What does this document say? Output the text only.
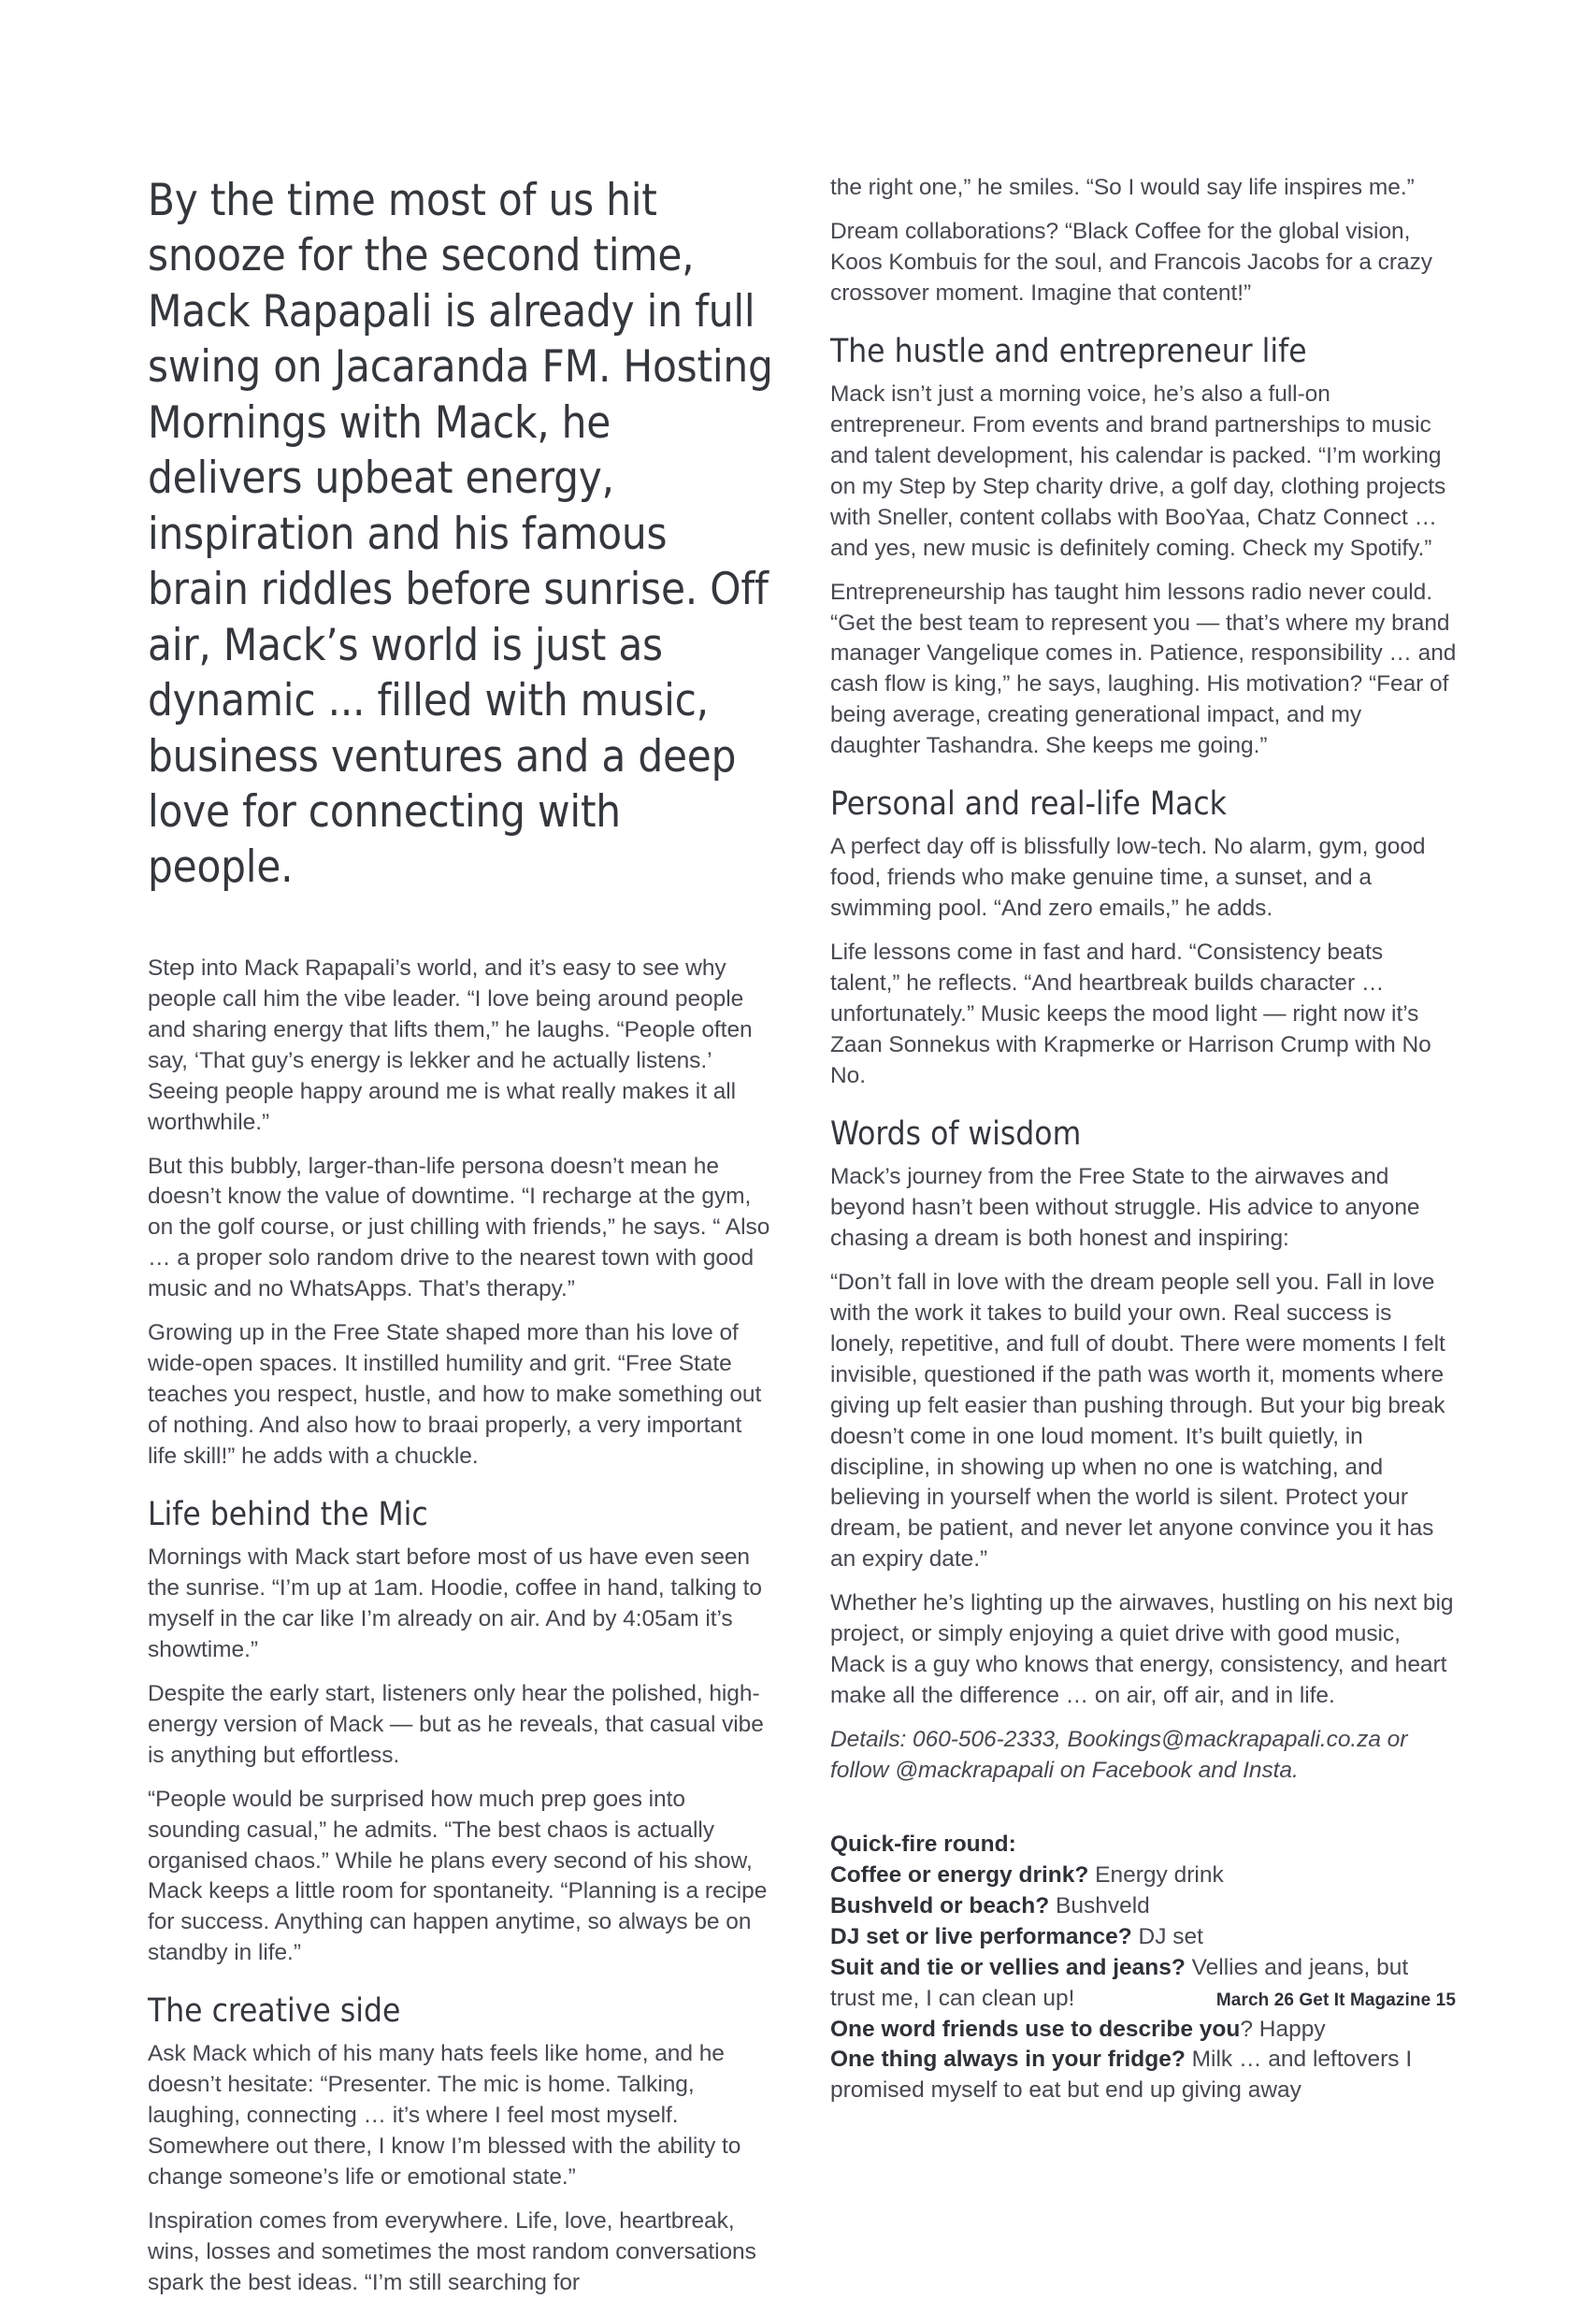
By the time most of us hit snooze for the second time, Mack Rapapali is already in full swing on Jacaranda FM. Hosting Mornings with Mack, he delivers upbeat energy, inspiration and his famous brain riddles before sunrise. Off air, Mack’s world is just as dynamic ... filled with music, business ventures and a deep love for connecting with people.

Step into Mack Rapapali’s world, and it’s easy to see why people call him the vibe leader. “I love being around people and sharing energy that lifts them,” he laughs. “People often say, ‘That guy’s energy is lekker and he actually listens.’ Seeing people happy around me is what really makes it all worthwhile.”

But this bubbly, larger-than-life persona doesn’t mean he doesn’t know the value of downtime. “I recharge at the gym, on the golf course, or just chilling with friends,” he says. “ Also … a proper solo random drive to the nearest town with good music and no WhatsApps. That’s therapy.”

Growing up in the Free State shaped more than his love of wide-open spaces. It instilled humility and grit. “Free State teaches you respect, hustle, and how to make something out of nothing. And also how to braai properly, a very important life skill!” he adds with a chuckle.

Life behind the Mic

Mornings with Mack start before most of us have even seen the sunrise. “I’m up at 1am. Hoodie, coffee in hand, talking to myself in the car like I’m already on air. And by 4:05am it’s showtime.”

Despite the early start, listeners only hear the polished, high-energy version of Mack — but as he reveals, that casual vibe is anything but effortless.

“People would be surprised how much prep goes into sounding casual,” he admits. “The best chaos is actually organised chaos.” While he plans every second of his show, Mack keeps a little room for spontaneity. “Planning is a recipe for success. Anything can happen anytime, so always be on standby in life.”

The creative side

Ask Mack which of his many hats feels like home, and he doesn’t hesitate: “Presenter. The mic is home. Talking, laughing, connecting … it’s where I feel most myself. Somewhere out there, I know I’m blessed with the ability to change someone’s life or emotional state.”

Inspiration comes from everywhere. Life, love, heartbreak, wins, losses and sometimes the most random conversations spark the best ideas. “I’m still searching for

the right one,” he smiles. “So I would say life inspires me.”

Dream collaborations? “Black Coffee for the global vision, Koos Kombuis for the soul, and Francois Jacobs for a crazy crossover moment. Imagine that content!”

The hustle and entrepreneur life

Mack isn’t just a morning voice, he’s also a full-on entrepreneur. From events and brand partnerships to music and talent development, his calendar is packed. “I’m working on my Step by Step charity drive, a golf day, clothing projects with Sneller, content collabs with BooYaa, Chatz Connect … and yes, new music is definitely coming. Check my Spotify.”

Entrepreneurship has taught him lessons radio never could. “Get the best team to represent you — that’s where my brand manager Vangelique comes in. Patience, responsibility … and cash flow is king,” he says, laughing. His motivation? “Fear of being average, creating generational impact, and my daughter Tashandra. She keeps me going.”

Personal and real-life Mack

A perfect day off is blissfully low-tech. No alarm, gym, good food, friends who make genuine time, a sunset, and a swimming pool. “And zero emails,” he adds.

Life lessons come in fast and hard. “Consistency beats talent,” he reflects. “And heartbreak builds character … unfortunately.” Music keeps the mood light — right now it’s Zaan Sonnekus with Krapmerke or Harrison Crump with No No.

Words of wisdom

Mack’s journey from the Free State to the airwaves and beyond hasn’t been without struggle. His advice to anyone chasing a dream is both honest and inspiring:

“Don’t fall in love with the dream people sell you. Fall in love with the work it takes to build your own. Real success is lonely, repetitive, and full of doubt. There were moments I felt invisible, questioned if the path was worth it, moments where giving up felt easier than pushing through. But your big break doesn’t come in one loud moment. It’s built quietly, in discipline, in showing up when no one is watching, and believing in yourself when the world is silent. Protect your dream, be patient, and never let anyone convince you it has an expiry date.”

Whether he’s lighting up the airwaves, hustling on his next big project, or simply enjoying a quiet drive with good music, Mack is a guy who knows that energy, consistency, and heart make all the difference … on air, off air, and in life.

Details: 060-506-2333, Bookings@mackrapapali.co.za or follow @mackrapapali on Facebook and Insta.

Quick-fire round:

Coffee or energy drink? Energy drink

Bushveld or beach? Bushveld

DJ set or live performance? DJ set

Suit and tie or vellies and jeans? Vellies and jeans, but trust me, I can clean up!

One word friends use to describe you? Happy

One thing always in your fridge? Milk … and leftovers I promised myself to eat but end up giving away

March 26 Get It Magazine 15
